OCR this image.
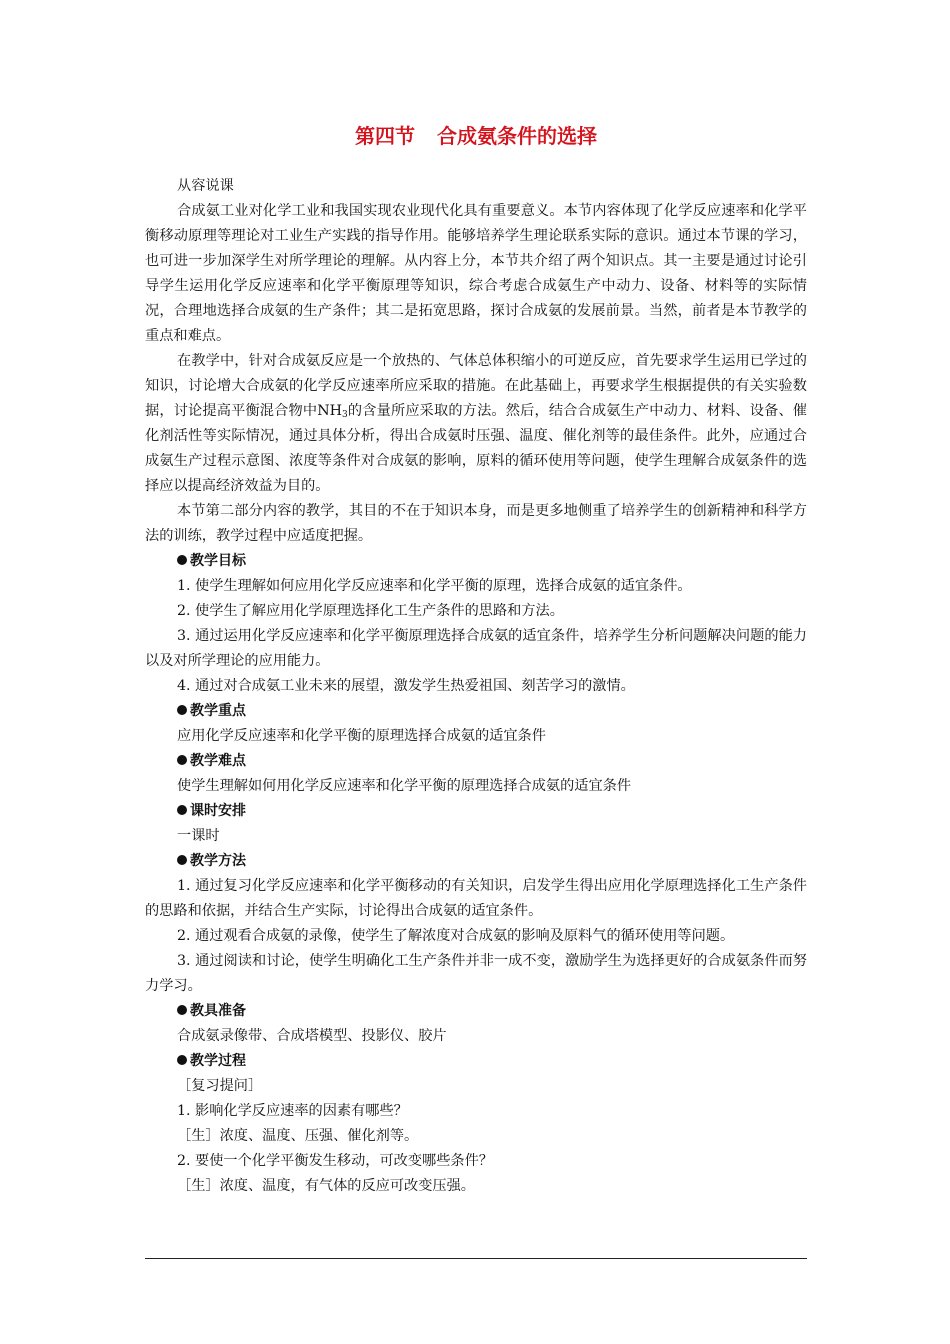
第四节 合成氨条件的选择

从容说课

合成氨工业对化学工业和我国实现农业现代化具有重要意义。本节内容体现了化学反应速率和化学平衡移动原理等理论对工业生产实践的指导作用。能够培养学生理论联系实际的意识。通过本节课的学习，也可进一步加深学生对所学理论的理解。从内容上分，本节共介绍了两个知识点。其一主要是通过讨论引导学生运用化学反应速率和化学平衡原理等知识，综合考虑合成氨生产中动力、设备、材料等的实际情况，合理地选择合成氨的生产条件；其二是拓宽思路，探讨合成氨的发展前景。当然，前者是本节教学的重点和难点。

在教学中，针对合成氨反应是一个放热的、气体总体积缩小的可逆反应，首先要求学生运用已学过的知识，讨论增大合成氨的化学反应速率所应采取的措施。在此基础上，再要求学生根据提供的有关实验数据，讨论提高平衡混合物中$NH_3$的含量所应采取的方法。然后，结合合成氨生产中动力、材料、设备、催化剂活性等实际情况，通过具体分析，得出合成氨时压强、温度、催化剂等的最佳条件。此外，应通过合成氨生产过程示意图、浓度等条件对合成氨的影响，原料的循环使用等问题，使学生理解合成氨条件的选择应以提高经济效益为目的。

本节第二部分内容的教学，其目的不在于知识本身，而是更多地侧重了培养学生的创新精神和科学方法的训练，教学过程中应适度把握。

教学目标

1. 使学生理解如何应用化学反应速率和化学平衡的原理，选择合成氨的适宜条件。

2. 使学生了解应用化学原理选择化工生产条件的思路和方法。

3. 通过运用化学反应速率和化学平衡原理选择合成氨的适宜条件，培养学生分析问题解决问题的能力以及对所学理论的应用能力。

4. 通过对合成氨工业未来的展望，激发学生热爱祖国、刻苦学习的激情。

教学重点

应用化学反应速率和化学平衡的原理选择合成氨的适宜条件

教学难点

使学生理解如何用化学反应速率和化学平衡的原理选择合成氨的适宜条件

课时安排

一课时

教学方法

1. 通过复习化学反应速率和化学平衡移动的有关知识，启发学生得出应用化学原理选择化工生产条件的思路和依据，并结合生产实际，讨论得出合成氨的适宜条件。

2. 通过观看合成氨的录像，使学生了解浓度对合成氨的影响及原料气的循环使用等问题。

3. 通过阅读和讨论，使学生明确化工生产条件并非一成不变，激励学生为选择更好的合成氨条件而努力学习。

教具准备

合成氨录像带、合成塔模型、投影仪、胶片

教学过程

［复习提问］

1. 影响化学反应速率的因素有哪些？

［生］浓度、温度、压强、催化剂等。

2. 要使一个化学平衡发生移动，可改变哪些条件？

［生］浓度、温度，有气体的反应可改变压强。
